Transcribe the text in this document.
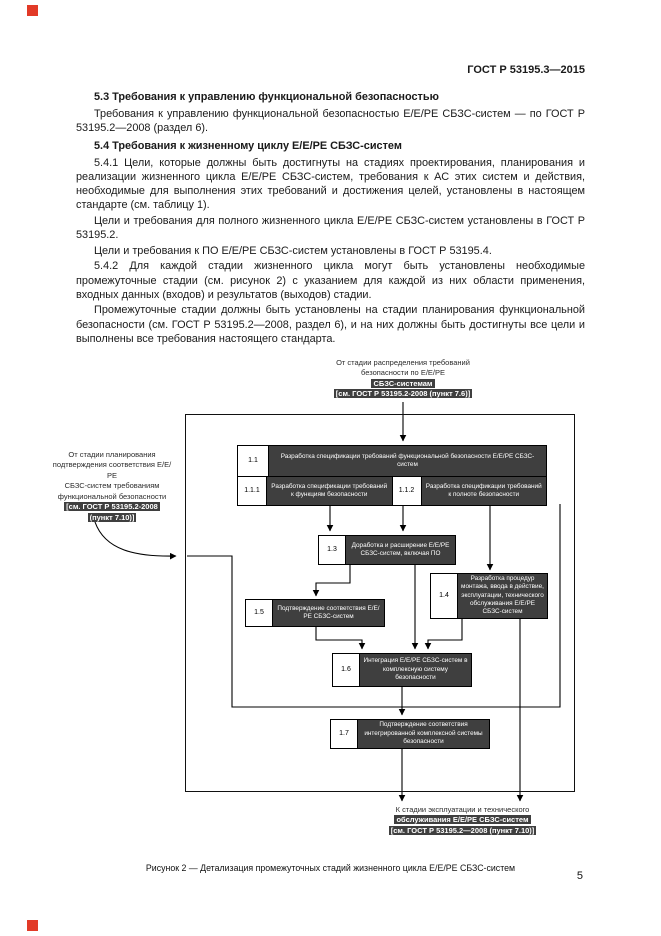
ГОСТ Р 53195.3—2015

5.3 Требования к управлению функциональной безопасностью

Требования к управлению функциональной безопасностью Е/Е/РЕ СБЗС-систем — по ГОСТ Р 53195.2—2008 (раздел 6).

5.4 Требования к жизненному циклу Е/Е/РЕ СБЗС-систем

5.4.1 Цели, которые должны быть достигнуты на стадиях проектирования, планирования и реализации жизненного цикла Е/Е/РЕ СБЗС-систем, требования к АС этих систем и действия, необходимые для выполнения этих требований и достижения целей, установлены в настоящем стандарте (см. таблицу 1).

Цели и требования для полного жизненного цикла Е/Е/РЕ СБЗС-систем установлены в ГОСТ Р 53195.2.

Цели и требования к ПО Е/Е/РЕ СБЗС-систем установлены в ГОСТ Р 53195.4.

5.4.2 Для каждой стадии жизненного цикла могут быть установлены необходимые промежуточные стадии (см. рисунок 2) с указанием для каждой из них области применения, входных данных (входов) и результатов (выходов) стадии.

Промежуточные стадии должны быть установлены на стадии планирования функциональной безопасности (см. ГОСТ Р 53195.2—2008, раздел 6), и на них должны быть достигнуты все цели и выполнены все требования настоящего стандарта.

От стадии распределения требований
безопасности по Е/Е/РЕ
СБЗС-системам
[см. ГОСТ Р 53195.2-2008 (пункт 7.6)]
От стадии планирования
подтверждения соответствия Е/Е/РЕ
СБЗС-систем требованиям
функциональной безопасности
[см. ГОСТ Р 53195.2-2008
(пункт 7.10)]
К стадии эксплуатации и технического
обслуживания Е/Е/РЕ СБЗС-систем
[см. ГОСТ Р 53195.2—2008 (пункт 7.10)]
1.1
Разработка спецификации требований функциональной безопасности Е/Е/РЕ СБЗС-систем
1.1.1
Разработка спецификации требований к функциям безопасности	1.1.2
Разработка спецификации требований к полноте безопасности
1.3
Доработка и расширение Е/Е/РЕ СБЗС-систем, включая ПО
1.4
Разработка процедур монтажа, ввода в действие, эксплуатации, технического обслуживания Е/Е/РЕ СБЗС-систем
1.5
Подтверждение соответствия Е/Е/РЕ СБЗС-систем
1.6
Интеграция Е/Е/РЕ СБЗС-систем в комплексную систему безопасности
1.7
Подтверждение соответствия интегрированной комплексной системы безопасности
Рисунок 2 — Детализация промежуточных стадий жизненного цикла Е/Е/РЕ СБЗС-систем
5
